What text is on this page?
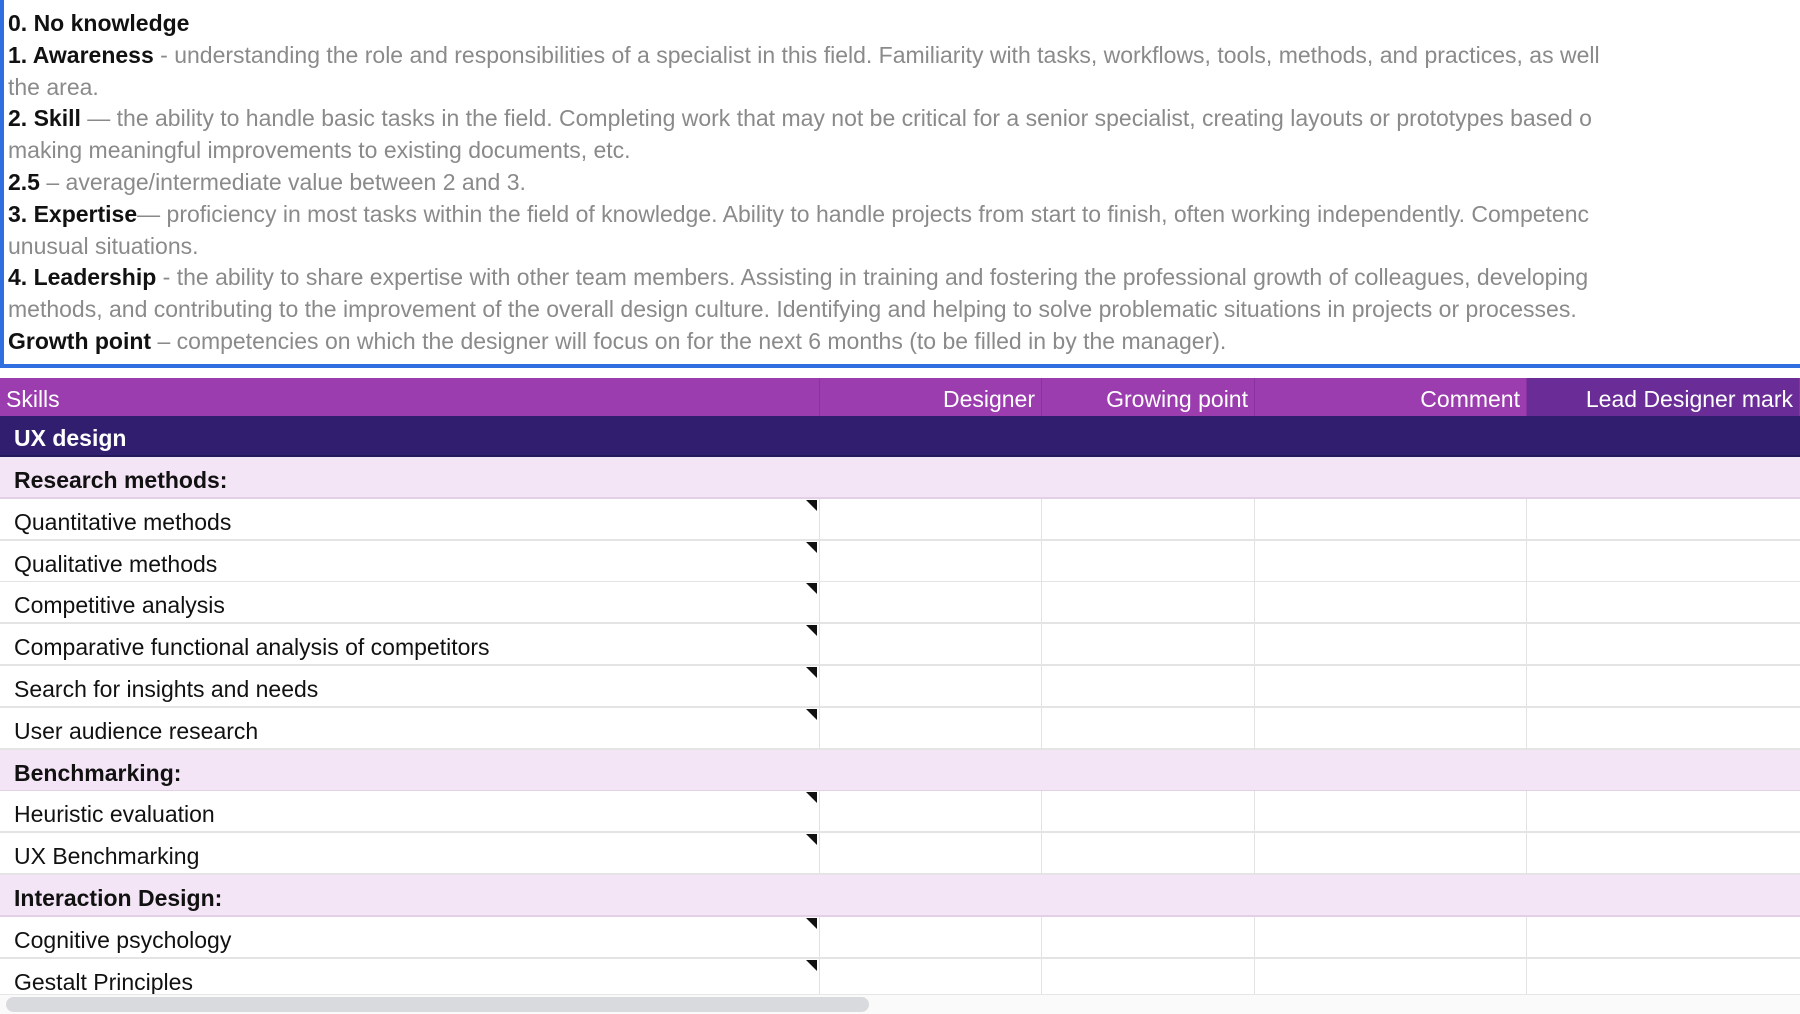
0. No knowledge
1. Awareness - understanding the role and responsibilities of a specialist in this field. Familiarity with tasks, workflows, tools, methods, and practices, as well
the area.
2. Skill — the ability to handle basic tasks in the field. Completing work that may not be critical for a senior specialist, creating layouts or prototypes based o
making meaningful improvements to existing documents, etc.
2.5 – average/intermediate value between 2 and 3.
3. Expertise— proficiency in most tasks within the field of knowledge. Ability to handle projects from start to finish, often working independently. Competenc
unusual situations.
4. Leadership - the ability to share expertise with other team members. Assisting in training and fostering the professional growth of colleagues, developing
methods, and contributing to the improvement of the overall design culture. Identifying and helping to solve problematic situations in projects or processes.
Growth point – competencies on which the designer will focus on for the next 6 months (to be filled in by the manager).
Skills	Designer	Growing point	Comment	Lead Designer mark
UX design
Research methods:
Quantitative methods
Qualitative methods
Competitive analysis
Comparative functional analysis of competitors
Search for insights and needs
User audience research
Benchmarking:
Heuristic evaluation
UX Benchmarking
Interaction Design:
Cognitive psychology
Gestalt Principles
